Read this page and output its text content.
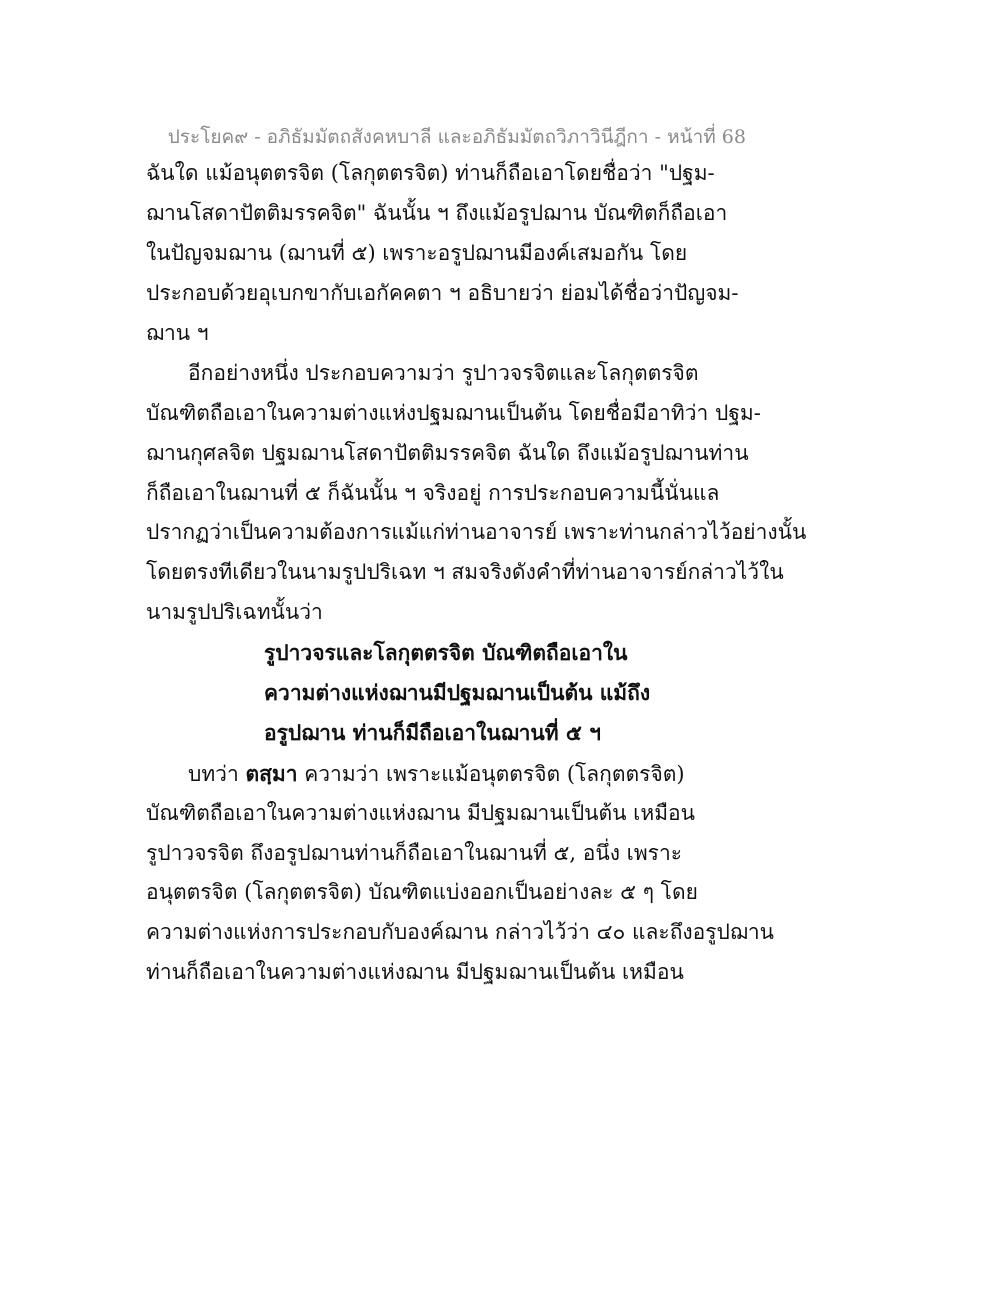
ประโยค๙ - อภิธัมมัตถสังคหบาลี และอภิธัมมัตถวิภาวินีฎีกา - หน้าที่ 68
ฉันใด แม้อนุตตรจิต (โลกุตตรจิต) ท่านก็ถือเอาโดยชื่อว่า "ปฐม-
ฌานโสดาปัตติมรรคจิต" ฉันนั้น ฯ ถึงแม้อรูปฌาน บัณฑิตก็ถือเอา
ในปัญจมฌาน (ฌานที่ ๕) เพราะอรูปฌานมีองค์เสมอกัน โดย
ประกอบด้วยอุเบกขากับเอกัคคตา ฯ อธิบายว่า ย่อมได้ชื่อว่าปัญจม-
ฌาน ฯ
อีกอย่างหนึ่ง ประกอบความว่า รูปาวจรจิตและโลกุตตรจิต
บัณฑิตถือเอาในความต่างแห่งปฐมฌานเป็นต้น โดยชื่อมีอาทิว่า ปฐม-
ฌานกุศลจิต ปฐมฌานโสดาปัตติมรรคจิต ฉันใด ถึงแม้อรูปฌานท่าน
ก็ถือเอาในฌานที่ ๕ ก็ฉันนั้น ฯ จริงอยู่ การประกอบความนี้นั่นแล
ปรากฏว่าเป็นความต้องการแม้แก่ท่านอาจารย์ เพราะท่านกล่าวไว้อย่างนั้น
โดยตรงทีเดียวในนามรูปปริเฉท ฯ สมจริงดังคำที่ท่านอาจารย์กล่าวไว้ใน
นามรูปปริเฉทนั้นว่า
รูปาวจรและโลกุตตรจิต บัณฑิตถือเอาใน
ความต่างแห่งฌานมีปฐมฌานเป็นต้น แม้ถึง
อรูปฌาน ท่านก็มีถือเอาในฌานที่ ๕ ฯ
บทว่า ตสฺมา ความว่า เพราะแม้อนุตตรจิต (โลกุตตรจิต)
บัณฑิตถือเอาในความต่างแห่งฌาน มีปฐมฌานเป็นต้น เหมือน
รูปาวจรจิต ถึงอรูปฌานท่านก็ถือเอาในฌานที่ ๕, อนึ่ง เพราะ
อนุตตรจิต (โลกุตตรจิต) บัณฑิตแบ่งออกเป็นอย่างละ ๕ ๆ โดย
ความต่างแห่งการประกอบกับองค์ฌาน กล่าวไว้ว่า ๔๐ และถึงอรูปฌาน
ท่านก็ถือเอาในความต่างแห่งฌาน มีปฐมฌานเป็นต้น เหมือน
